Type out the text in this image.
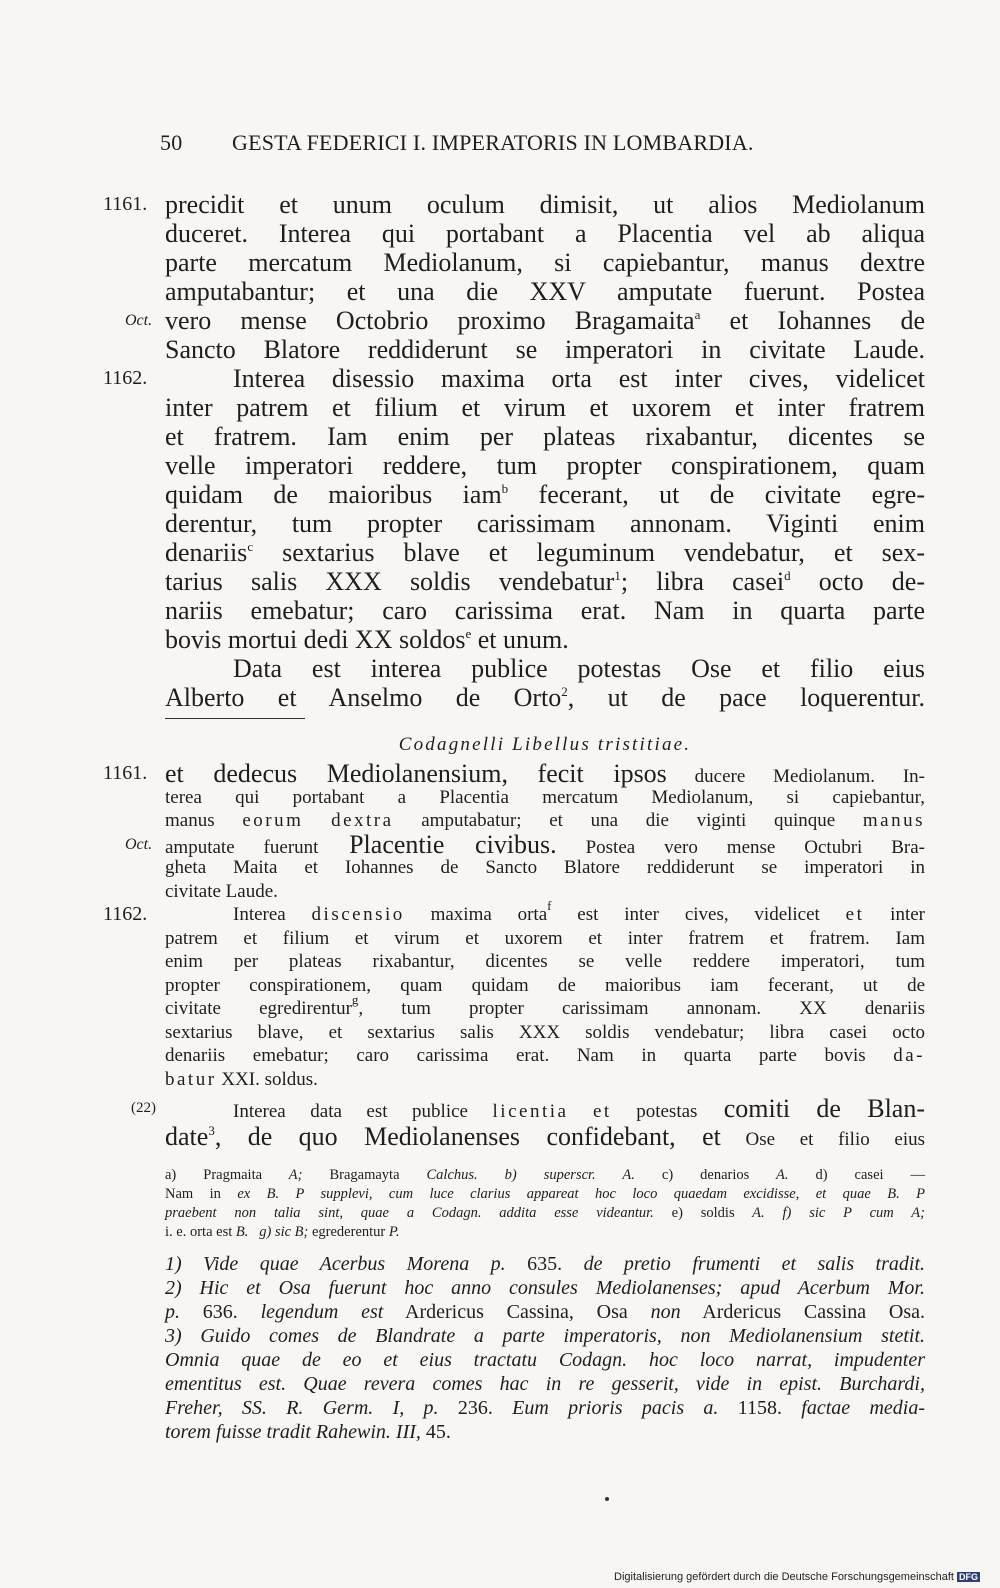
50 GESTA FEDERICI I. IMPERATORIS IN LOMBARDIA.
1161. precidit et unum oculum dimisit, ut alios Mediolanum
duceret. Interea qui portabant a Placentia vel ab aliqua
parte mercatum Mediolanum, si capiebantur, manus dextre
amputabantur; et una die XXV amputate fuerunt. Postea
Oct. vero mense Octobrio proximo Bragamaita$^a$ et Iohannes de
Sancto Blatore reddiderunt se imperatori in civitate Laude.
1162.	Interea disessio maxima orta est inter cives, videlicet
inter patrem et filium et virum et uxorem et inter fratrem
et fratrem. Iam enim per plateas rixabantur, dicentes se
velle imperatori reddere, tum propter conspirationem, quam
quidam de maioribus iam$^b$ fecerant, ut de civitate egre-
derentur, tum propter carissimam annonam. Viginti enim
denariis$^c$ sextarius blave et leguminum vendebatur, et sex-
tarius salis XXX soldis vendebatur$^1$; libra casei$^d$ octo de-
nariis emebatur; caro carissima erat. Nam in quarta parte
bovis mortui dedi XX soldos$^e$ et unum.
Data est interea publice potestas Ose et filio eius
Alberto et Anselmo de Orto$^2$, ut de pace loquerentur.
Codagnelli Libellus tristitiae.
1161. et dedecus Mediolanensium, fecit ipsos ducere Mediolanum. In-
terea qui portabant a Placentia mercatum Mediolanum, si capiebantur,
manus eorum dextra amputabatur; et una die viginti quinque manus
Oct. amputate fuerunt Placentie civibus. Postea vero mense Octubri Bra-
gheta Maita et Iohannes de Sancto Blatore reddiderunt se imperatori in
civitate Laude.
1162.	Interea discensio maxima orta$^f$ est inter cives, videlicet et inter
patrem et filium et virum et uxorem et inter fratrem et fratrem. Iam
enim per plateas rixabantur, dicentes se velle reddere imperatori, tum
propter conspirationem, quam quidam de maioribus iam fecerant, ut de
civitate egredirentur$^g$, tum propter carissimam annonam. XX denariis
sextarius blave, et sextarius salis XXX soldis vendebatur; libra casei octo
denariis emebatur; caro carissima erat. Nam in quarta parte bovis da-
batur XXI. soldus.
(22)	Interea data est publice licentia et potestas comiti de Blan-
date$^3$, de quo Mediolanenses confidebant, et Ose et filio eius
a) Pragmaita A; Bragamayta Calchus. b) superscr. A. c) denarios A. d) casei —
Nam in ex B. P supplevi, cum luce clarius appareat hoc loco quaedam excidisse, et quae B. P
praebent non talia sint, quae a Codagn. addita esse videantur. e) soldis A. f) sic P cum A;
i. e. orta est B. g) sic B; egrederentur P.
1) Vide quae Acerbus Morena p. 635. de pretio frumenti et salis tradit.
2) Hic et Osa fuerunt hoc anno consules Mediolanenses; apud Acerbum Mor.
p. 636. legendum est Ardericus Cassina, Osa non Ardericus Cassina Osa.
3) Guido comes de Blandrate a parte imperatoris, non Mediolanensium stetit.
Omnia quae de eo et eius tractatu Codagn. hoc loco narrat, impudenter
ementitus est. Quae revera comes hac in re gesserit, vide in epist. Burchardi,
Freher, SS. R. Germ. I, p. 236. Eum prioris pacis a. 1158. factae media-
torem fuisse tradit Rahewin. III, 45.
Digitalisierung gefördert durch die Deutsche Forschungsgemeinschaft DFG
